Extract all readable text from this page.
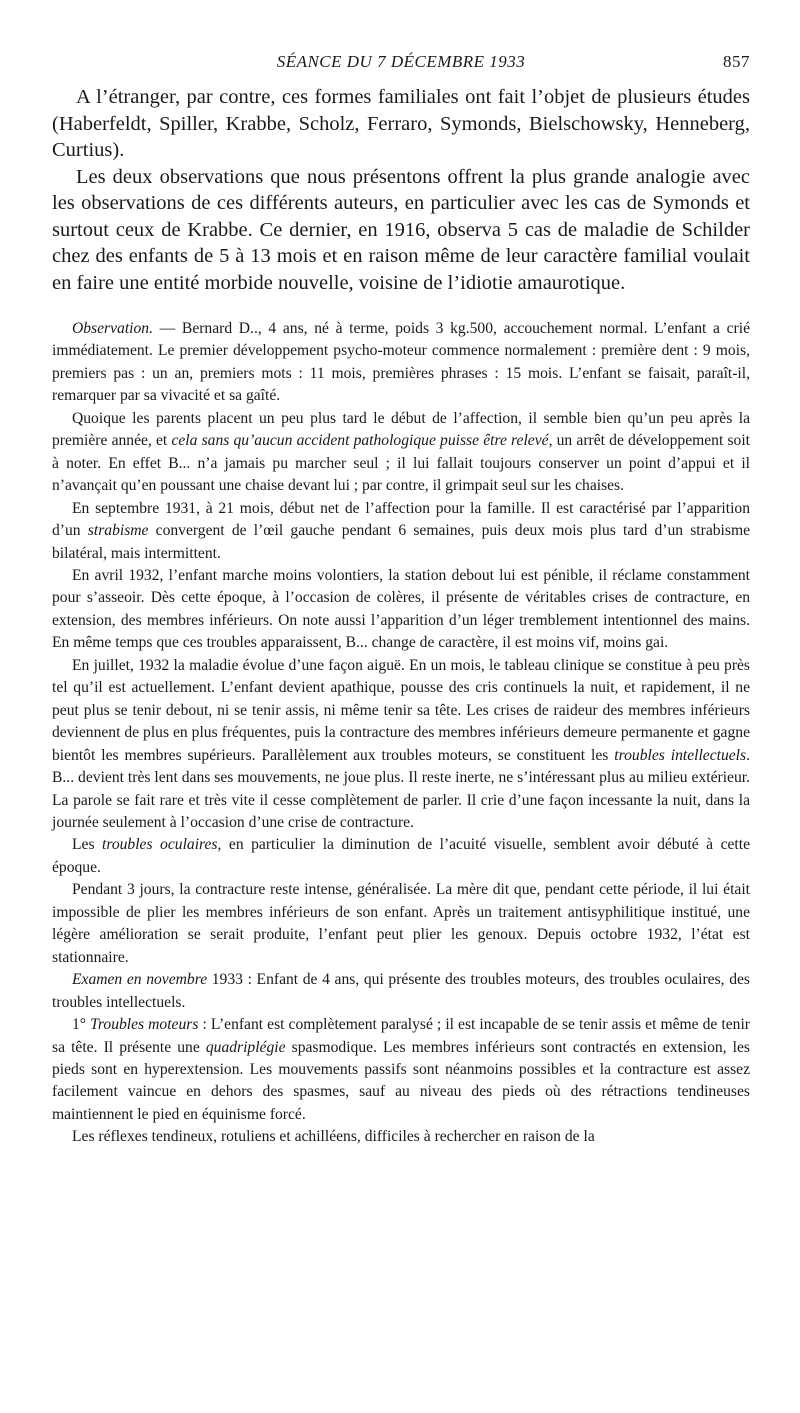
SÉANCE DU 7 DÉCEMBRE 1933	857

A l’étranger, par contre, ces formes familiales ont fait l’objet de plusieurs études (Haberfeldt, Spiller, Krabbe, Scholz, Ferraro, Symonds, Bielschowsky, Henneberg, Curtius).

Les deux observations que nous présentons offrent la plus grande analogie avec les observations de ces différents auteurs, en particulier avec les cas de Symonds et surtout ceux de Krabbe. Ce dernier, en 1916, observa 5 cas de maladie de Schilder chez des enfants de 5 à 13 mois et en raison même de leur caractère familial voulait en faire une entité morbide nouvelle, voisine de l’idiotie amaurotique.

Observation. — Bernard D.., 4 ans, né à terme, poids 3 kg.500, accouchement normal. L’enfant a crié immédiatement. Le premier développement psycho-moteur commence normalement : première dent : 9 mois, premiers pas : un an, premiers mots : 11 mois, premières phrases : 15 mois. L’enfant se faisait, paraît-il, remarquer par sa vivacité et sa gaîté.

Quoique les parents placent un peu plus tard le début de l’affection, il semble bien qu’un peu après la première année, et cela sans qu’aucun accident pathologique puisse être relevé, un arrêt de développement soit à noter. En effet B... n’a jamais pu marcher seul ; il lui fallait toujours conserver un point d’appui et il n’avançait qu’en poussant une chaise devant lui ; par contre, il grimpait seul sur les chaises.

En septembre 1931, à 21 mois, début net de l’affection pour la famille. Il est caractérisé par l’apparition d’un strabisme convergent de l’œil gauche pendant 6 semaines, puis deux mois plus tard d’un strabisme bilatéral, mais intermittent.

En avril 1932, l’enfant marche moins volontiers, la station debout lui est pénible, il réclame constamment pour s’asseoir. Dès cette époque, à l’occasion de colères, il présente de véritables crises de contracture, en extension, des membres inférieurs. On note aussi l’apparition d’un léger tremblement intentionnel des mains. En même temps que ces troubles apparaissent, B... change de caractère, il est moins vif, moins gai.

En juillet, 1932 la maladie évolue d’une façon aiguë. En un mois, le tableau clinique se constitue à peu près tel qu’il est actuellement. L’enfant devient apathique, pousse des cris continuels la nuit, et rapidement, il ne peut plus se tenir debout, ni se tenir assis, ni même tenir sa tête. Les crises de raideur des membres inférieurs deviennent de plus en plus fréquentes, puis la contracture des membres inférieurs demeure permanente et gagne bientôt les membres supérieurs. Parallèlement aux troubles moteurs, se constituent les troubles intellectuels. B... devient très lent dans ses mouvements, ne joue plus. Il reste inerte, ne s’intéressant plus au milieu extérieur. La parole se fait rare et très vite il cesse complètement de parler. Il crie d’une façon incessante la nuit, dans la journée seulement à l’occasion d’une crise de contracture.

Les troubles oculaires, en particulier la diminution de l’acuité visuelle, semblent avoir débuté à cette époque.

Pendant 3 jours, la contracture reste intense, généralisée. La mère dit que, pendant cette période, il lui était impossible de plier les membres inférieurs de son enfant. Après un traitement antisyphilitique institué, une légère amélioration se serait produite, l’enfant peut plier les genoux. Depuis octobre 1932, l’état est stationnaire.

Examen en novembre 1933 : Enfant de 4 ans, qui présente des troubles moteurs, des troubles oculaires, des troubles intellectuels.

1° Troubles moteurs : L’enfant est complètement paralysé ; il est incapable de se tenir assis et même de tenir sa tête. Il présente une quadriplégie spasmodique. Les membres inférieurs sont contractés en extension, les pieds sont en hyperextension. Les mouvements passifs sont néanmoins possibles et la contracture est assez facilement vaincue en dehors des spasmes, sauf au niveau des pieds où des rétractions tendineuses maintiennent le pied en équinisme forcé.

Les réflexes tendineux, rotuliens et achilléens, difficiles à rechercher en raison de la
